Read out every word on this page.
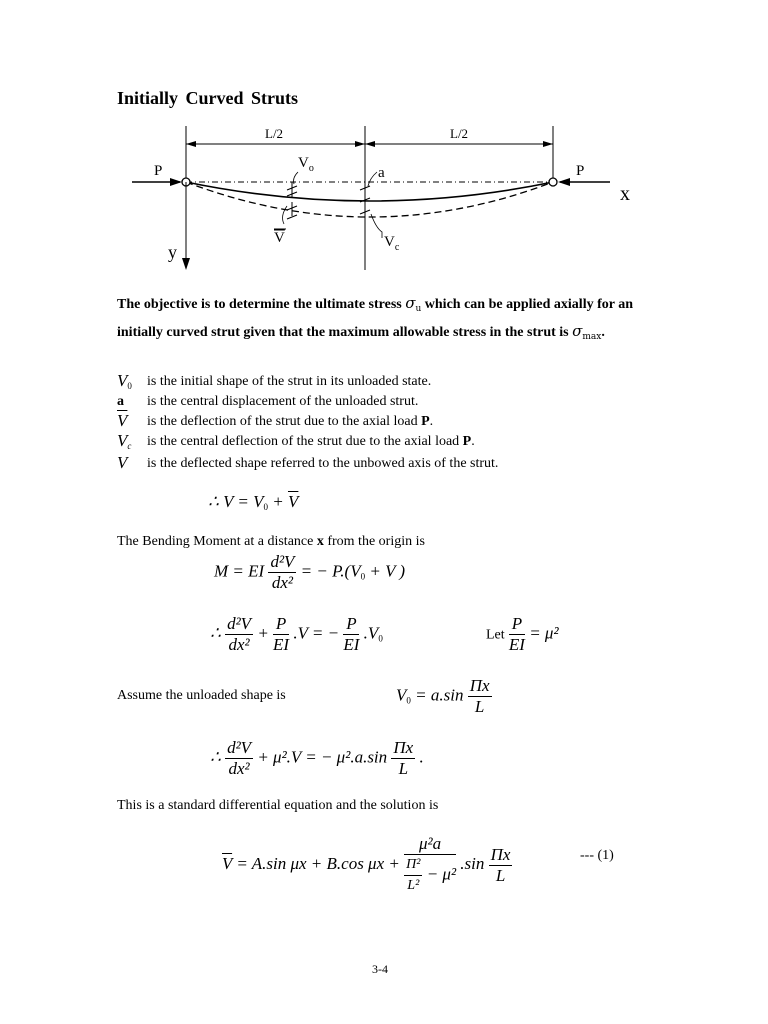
Initially Curved Struts
L/2	L/2
P	P
x
y
$V_o$	a
V	$V_c$
The objective is to determine the ultimate stress $\sigma_u$ which can be applied axially for an initially curved strut given that the maximum allowable stress in the strut is $\sigma_{max}$.
$V_0$	is the initial shape of the strut in its unloaded state.
a	is the central displacement of the unloaded strut.
$\overline{V}$	is the deflection of the strut due to the axial load P.
$V_c$	is the central deflection of the strut due to the axial load P.
V	is the deflected shape referred to the unbowed axis of the strut.
∴ $V = V_0 + \overline{V}$
The Bending Moment at a distance x from the origin is
M = EI $\frac{\text{d²V}}{\text{dx²}}$ = − $P.(V_0 + V$ )
∴ $\frac{\text{d²V}}{\text{dx²}} + \frac{P}{EI} .V$ = − $\frac{P}{EI} .V_0$	Let $\frac{P}{EI} = \mu^2$
Assume the unloaded shape is	$V_0 = a.\sin \frac{\Pi x}{L}$
∴ $\frac{\text{d²V}}{\text{dx²}} + \mu^2.V$ = − $\mu^2.a.\sin \frac{\Pi x}{L}$ .
This is a standard differential equation and the solution is
$\overline{V} = A.\sin$ μx + B.cos $\mu x + \frac{\text{μ²a}}{\frac{\text{Π²}}{\text{L²}} - \mu^2} .\sin \frac{\Pi x}{L}$	--- (1)
3-4
